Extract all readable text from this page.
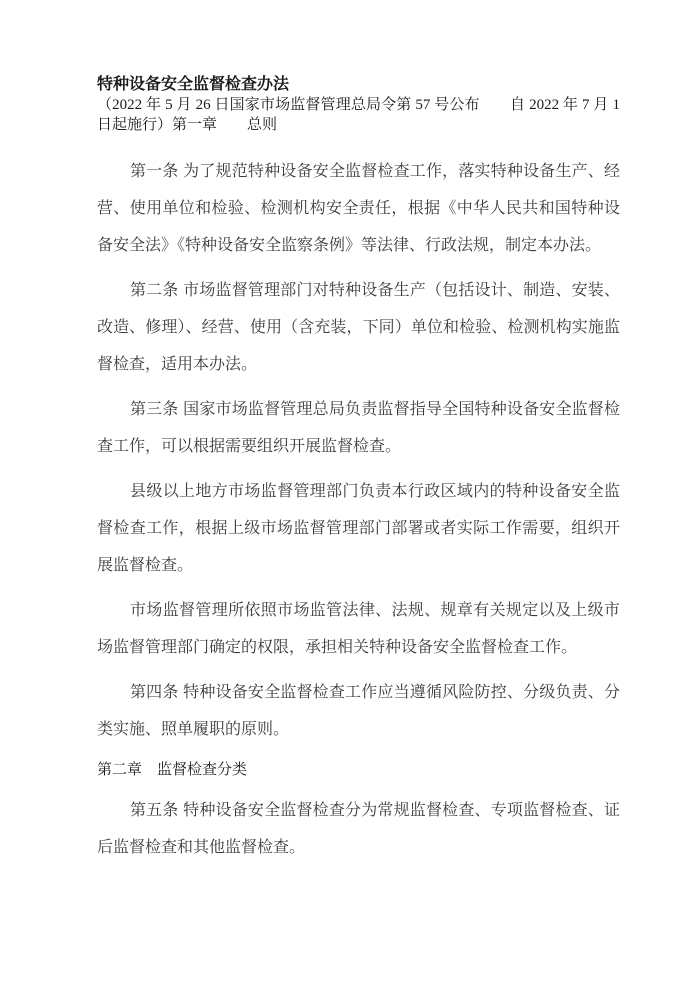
特种设备安全监督检查办法

（2022 年 5 月 26 日国家市场监督管理总局令第 57 号公布　　自 2022 年 7 月 1 日起施行）第一章　　总则

第一条 为了规范特种设备安全监督检查工作，落实特种设备生产、经营、使用单位和检验、检测机构安全责任，根据《中华人民共和国特种设备安全法》《特种设备安全监察条例》等法律、行政法规，制定本办法。

第二条 市场监督管理部门对特种设备生产（包括设计、制造、安装、改造、修理）、经营、使用（含充装，下同）单位和检验、检测机构实施监督检查，适用本办法。

第三条 国家市场监督管理总局负责监督指导全国特种设备安全监督检查工作，可以根据需要组织开展监督检查。

县级以上地方市场监督管理部门负责本行政区域内的特种设备安全监督检查工作，根据上级市场监督管理部门部署或者实际工作需要，组织开展监督检查。

市场监督管理所依照市场监管法律、法规、规章有关规定以及上级市场监督管理部门确定的权限，承担相关特种设备安全监督检查工作。

第四条 特种设备安全监督检查工作应当遵循风险防控、分级负责、分类实施、照单履职的原则。

第二章　监督检查分类

第五条 特种设备安全监督检查分为常规监督检查、专项监督检查、证后监督检查和其他监督检查。
